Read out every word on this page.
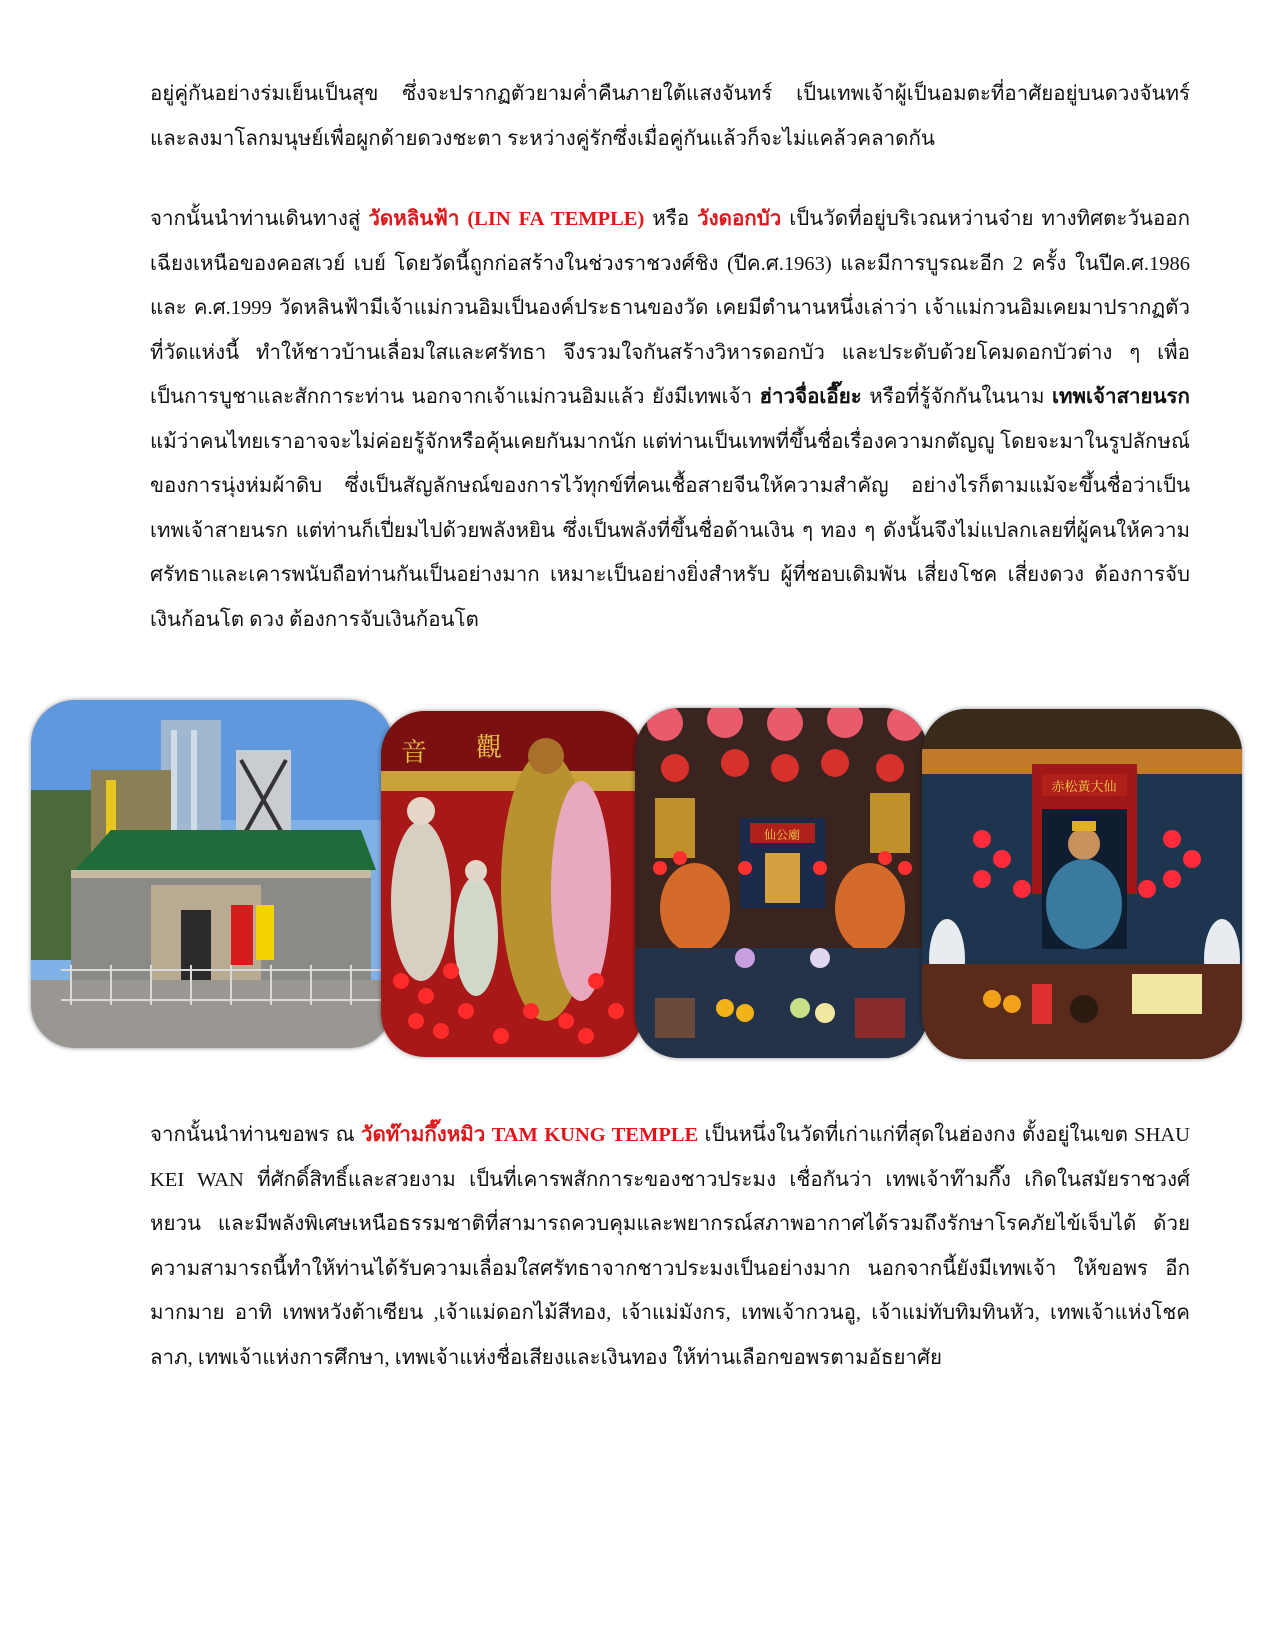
อยู่คู่กันอย่างร่มเย็นเป็นสุข ซึ่งจะปรากฏตัวยามค่ำคืนภายใต้แสงจันทร์ เป็นเทพเจ้าผู้เป็นอมตะที่อาศัยอยู่บนดวงจันทร์ และลงมาโลกมนุษย์เพื่อผูกด้ายดวงชะตา ระหว่างคู่รักซึ่งเมื่อคู่กันแล้วก็จะไม่แคล้วคลาดกัน

จากนั้นนำท่านเดินทางสู่ วัดหลินฟ้า (LIN FA TEMPLE) หรือ วังดอกบัว เป็นวัดที่อยู่บริเวณหว่านจ๋าย ทางทิศตะวันออกเฉียงเหนือของคอสเวย์ เบย์ โดยวัดนี้ถูกก่อสร้างในช่วงราชวงศ์ชิง (ปีค.ศ.1963) และมีการบูรณะอีก 2 ครั้ง ในปีค.ศ.1986 และ ค.ศ.1999 วัดหลินฟ้ามีเจ้าแม่กวนอิมเป็นองค์ประธานของวัด เคยมีตำนานหนึ่งเล่าว่า เจ้าแม่กวนอิมเคยมาปรากฏตัวที่วัดแห่งนี้ ทำให้ชาวบ้านเลื่อมใสและศรัทธา จึงรวมใจกันสร้างวิหารดอกบัว และประดับด้วยโคมดอกบัวต่าง ๆ เพื่อเป็นการบูชาและสักการะท่าน นอกจากเจ้าแม่กวนอิมแล้ว ยังมีเทพเจ้า ฮ่าวจื่อเอี๊ยะ หรือที่รู้จักกันในนาม เทพเจ้าสายนรก แม้ว่าคนไทยเราอาจจะไม่ค่อยรู้จักหรือคุ้นเคยกันมากนัก แต่ท่านเป็นเทพที่ขึ้นชื่อเรื่องความกตัญญู โดยจะมาในรูปลักษณ์ของการนุ่งห่มผ้าดิบ ซึ่งเป็นสัญลักษณ์ของการไว้ทุกข์ที่คนเชื้อสายจีนให้ความสำคัญ อย่างไรก็ตามแม้จะขึ้นชื่อว่าเป็นเทพเจ้าสายนรก แต่ท่านก็เปี่ยมไปด้วยพลังหยิน ซึ่งเป็นพลังที่ขึ้นชื่อด้านเงิน ๆ ทอง ๆ ดังนั้นจึงไม่แปลกเลยที่ผู้คนให้ความศรัทธาและเคารพนับถือท่านกันเป็นอย่างมาก เหมาะเป็นอย่างยิ่งสำหรับ ผู้ที่ชอบเดิมพัน เสี่ยงโชค เสี่ยงดวง ต้องการจับเงินก้อนโต ดวง ต้องการจับเงินก้อนโต

音 觀
仙公廟
赤松黃大仙

จากนั้นนำท่านขอพร ณ วัดท๊ามกึ๊งหมิว TAM KUNG TEMPLE เป็นหนึ่งในวัดที่เก่าแก่ที่สุดในฮ่องกง ตั้งอยู่ในเขต SHAU KEI WAN ที่ศักดิ์สิทธิ์และสวยงาม เป็นที่เคารพสักการะของชาวประมง เชื่อกันว่า เทพเจ้าท๊ามกึ๊ง เกิดในสมัยราชวงศ์หยวน และมีพลังพิเศษเหนือธรรมชาติที่สามารถควบคุมและพยากรณ์สภาพอากาศได้รวมถึงรักษาโรคภัยไข้เจ็บได้ ด้วยความสามารถนี้ทำให้ท่านได้รับความเลื่อมใสศรัทธาจากชาวประมงเป็นอย่างมาก นอกจากนี้ยังมีเทพเจ้า ให้ขอพร อีกมากมาย อาทิ เทพหวังต้าเซียน ,เจ้าแม่ดอกไม้สีทอง, เจ้าแม่มังกร, เทพเจ้ากวนอู, เจ้าแม่ทับทิมทินหัว, เทพเจ้าแห่งโชคลาภ, เทพเจ้าแห่งการศึกษา, เทพเจ้าแห่งชื่อเสียงและเงินทอง ให้ท่านเลือกขอพรตามอัธยาศัย
